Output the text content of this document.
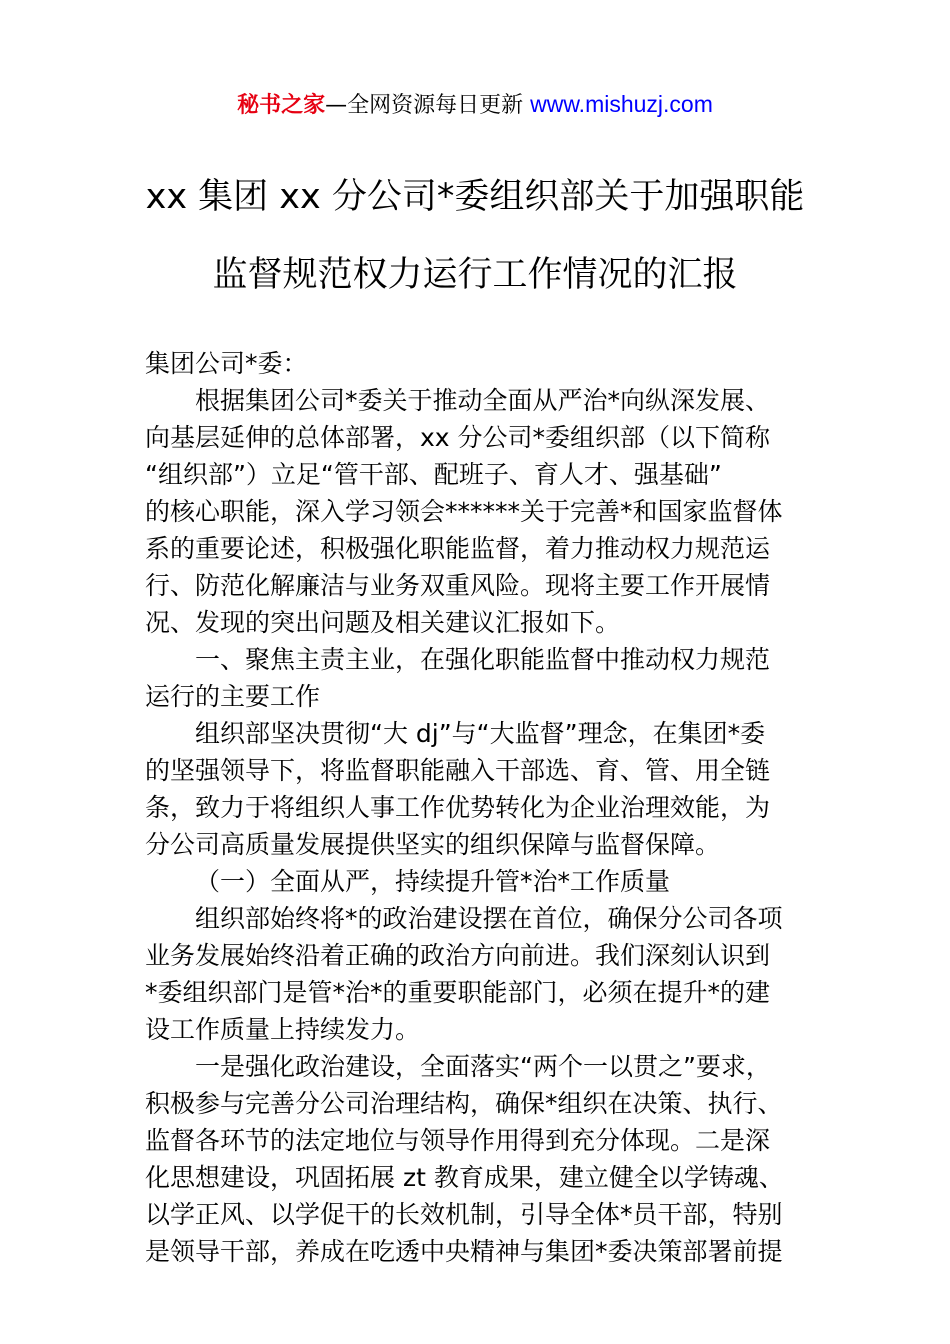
秘书之家—全网资源每日更新 www.mishuzj.com
xx 集团 xx 分公司*委组织部关于加强职能
监督规范权力运行工作情况的汇报
集团公司*委：
根据集团公司*委关于推动全面从严治*向纵深发展、
向基层延伸的总体部署，xx 分公司*委组织部（以下简称
“组织部”）立足“管干部、配班子、育人才、强基础”
的核心职能，深入学习领会******关于完善*和国家监督体
系的重要论述，积极强化职能监督，着力推动权力规范运
行、防范化解廉洁与业务双重风险。现将主要工作开展情
况、发现的突出问题及相关建议汇报如下。
一、聚焦主责主业，在强化职能监督中推动权力规范
运行的主要工作
组织部坚决贯彻“大 dj”与“大监督”理念，在集团*委
的坚强领导下，将监督职能融入干部选、育、管、用全链
条，致力于将组织人事工作优势转化为企业治理效能，为
分公司高质量发展提供坚实的组织保障与监督保障。
（一）全面从严，持续提升管*治*工作质量
组织部始终将*的政治建设摆在首位，确保分公司各项
业务发展始终沿着正确的政治方向前进。我们深刻认识到
*委组织部门是管*治*的重要职能部门，必须在提升*的建
设工作质量上持续发力。
一是强化政治建设，全面落实“两个一以贯之”要求，
积极参与完善分公司治理结构，确保*组织在决策、执行、
监督各环节的法定地位与领导作用得到充分体现。二是深
化思想建设，巩固拓展 zt 教育成果，建立健全以学铸魂、
以学正风、以学促干的长效机制，引导全体*员干部，特别
是领导干部，养成在吃透中央精神与集团*委决策部署前提
